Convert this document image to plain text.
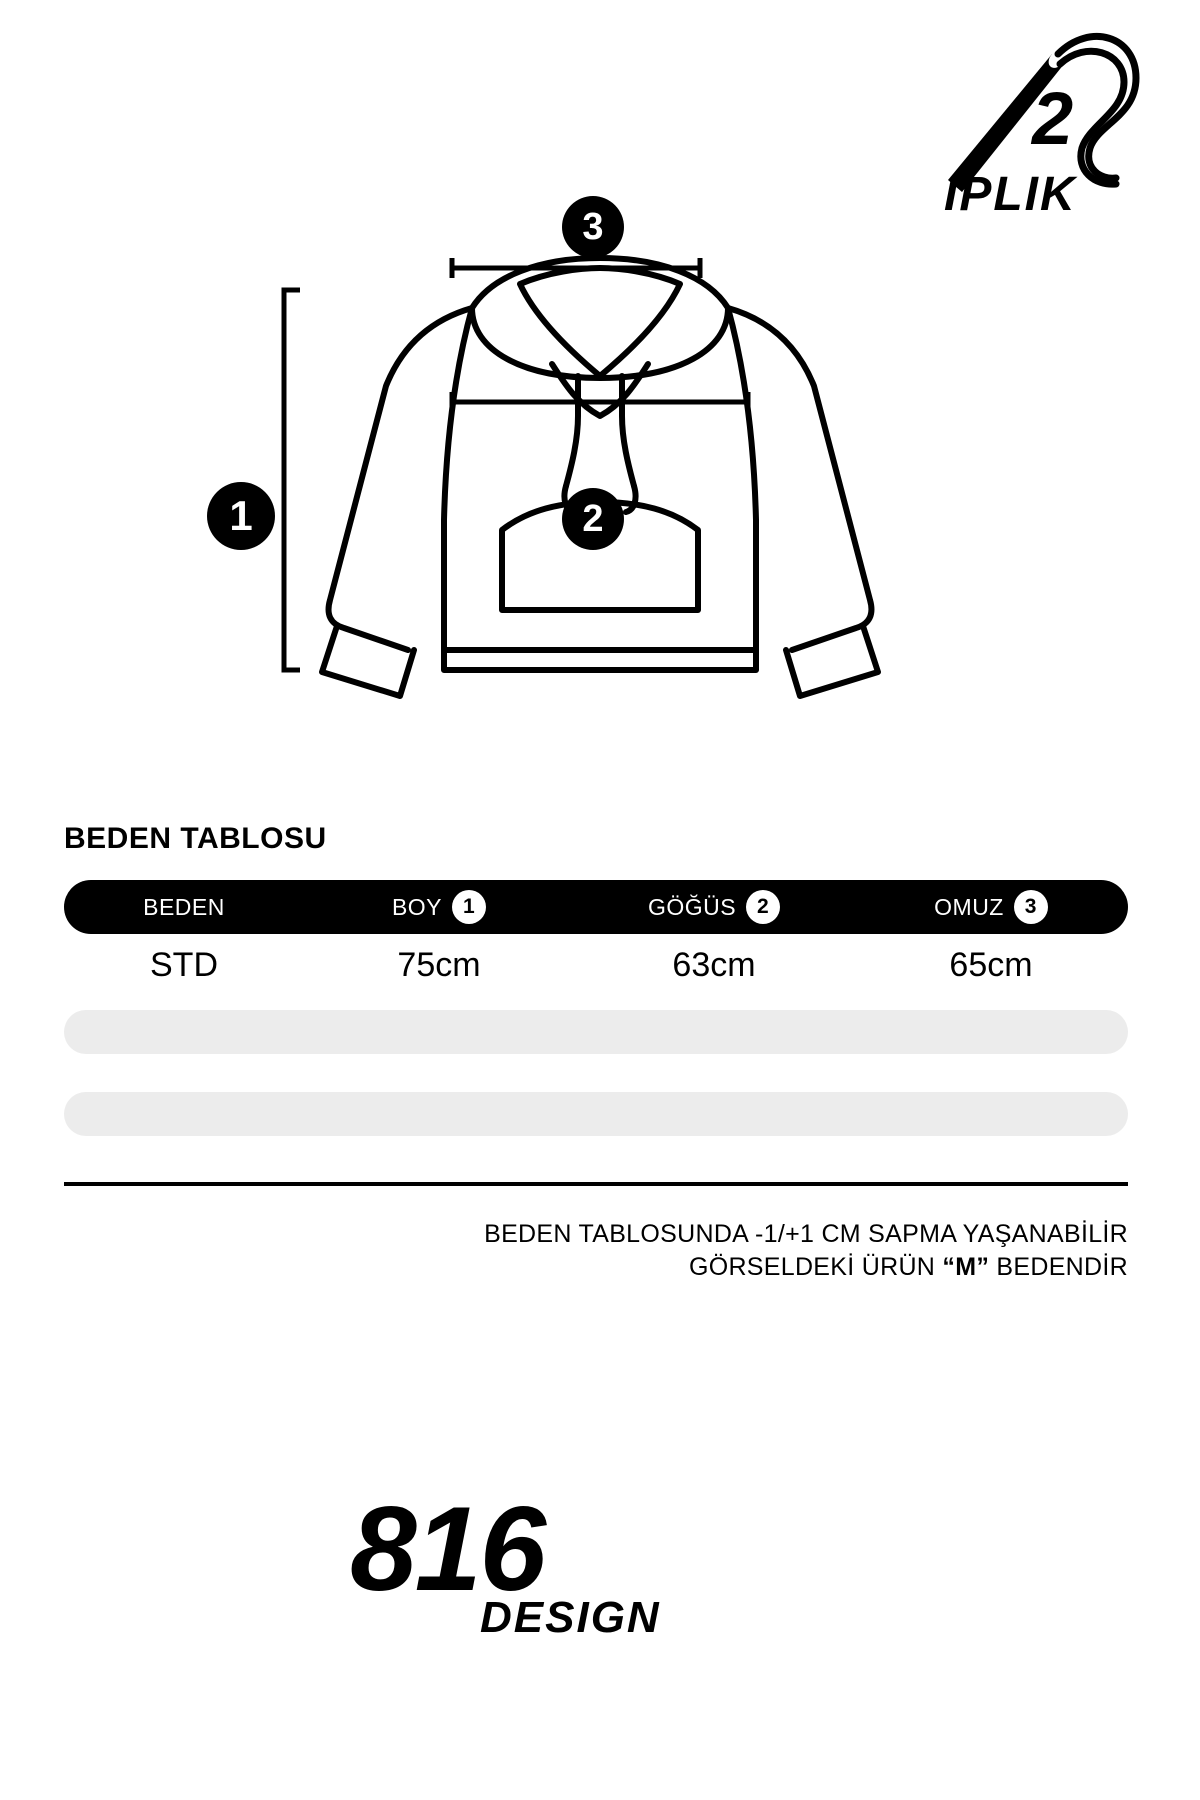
2
IPLIK
1	2
3
BEDEN TABLOSU
BEDEN	BOY 1	GÖĞÜS 2	OMUZ 3
STD	75cm	63cm	65cm
BEDEN TABLOSUNDA -1/+1 CM SAPMA YAŞANABİLİR
GÖRSELDEKİ ÜRÜN “M” BEDENDİR
816
DESIGN
